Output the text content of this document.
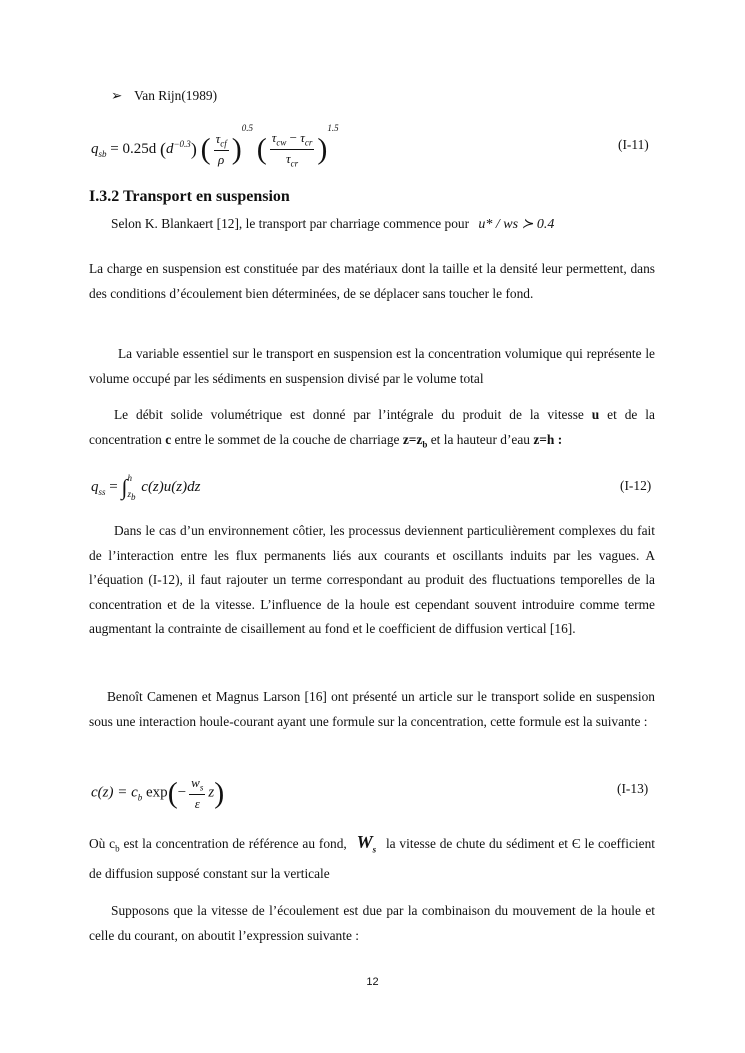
➢ Van Rijn(1989)
$q_{sb} = 0.25d$ $(d^{-0.3})$ ( $\frac{\tau_{cf}}{\rho} )^{0.5}$ ( $\frac{\tau_{cw} - \tau_{cr}}{\tau_{cr}} )^{1.5}$
(I-11)
I.3.2 Transport en suspension

Selon K. Blankaert [12], le transport par charriage commence pour u* / ws ≻ 0.4

La charge en suspension est constituée par des matériaux dont la taille et la densité leur permettent, dans des conditions d’écoulement bien déterminées, de se déplacer sans toucher le fond.

La variable essentiel sur le transport en suspension est la concentration volumique qui représente le volume occupé par les sédiments en suspension divisé par le volume total

Le débit solide volumétrique est donné par l’intégrale du produit de la vitesse u et de la concentration c entre le sommet de la couche de charriage $z=z_b$ et la hauteur d’eau z=h :

$q_{ss}$ = ∫ h
$z_b$
c(z)u(z)dz	(I-12)

Dans le cas d’un environnement côtier, les processus deviennent particulièrement complexes du fait de l’interaction entre les flux permanents liés aux courants et oscillants induits par les vagues. A l’équation (I-12), il faut rajouter un terme correspondant au produit des fluctuations temporelles de la concentration et de la vitesse. L’influence de la houle est cependant souvent introduire comme terme augmentant la contrainte de cisaillement au fond et le coefficient de diffusion vertical [16].

Benoît Camenen et Magnus Larson [16] ont présenté un article sur le transport solide en suspension sous une interaction houle-courant ayant une formule sur la concentration, cette formule est la suivante :

$c(z) = c_b$ $\exp(- \frac{w_s}{\varepsilon} z)$	(I-13)

Où $c_b$ est la concentration de référence au fond, $W_s$ la vitesse de chute du sédiment et Є le coefficient de diffusion supposé constant sur la verticale

Supposons que la vitesse de l’écoulement est due par la combinaison du mouvement de la houle et celle du courant, on aboutit l’expression suivante :

12
